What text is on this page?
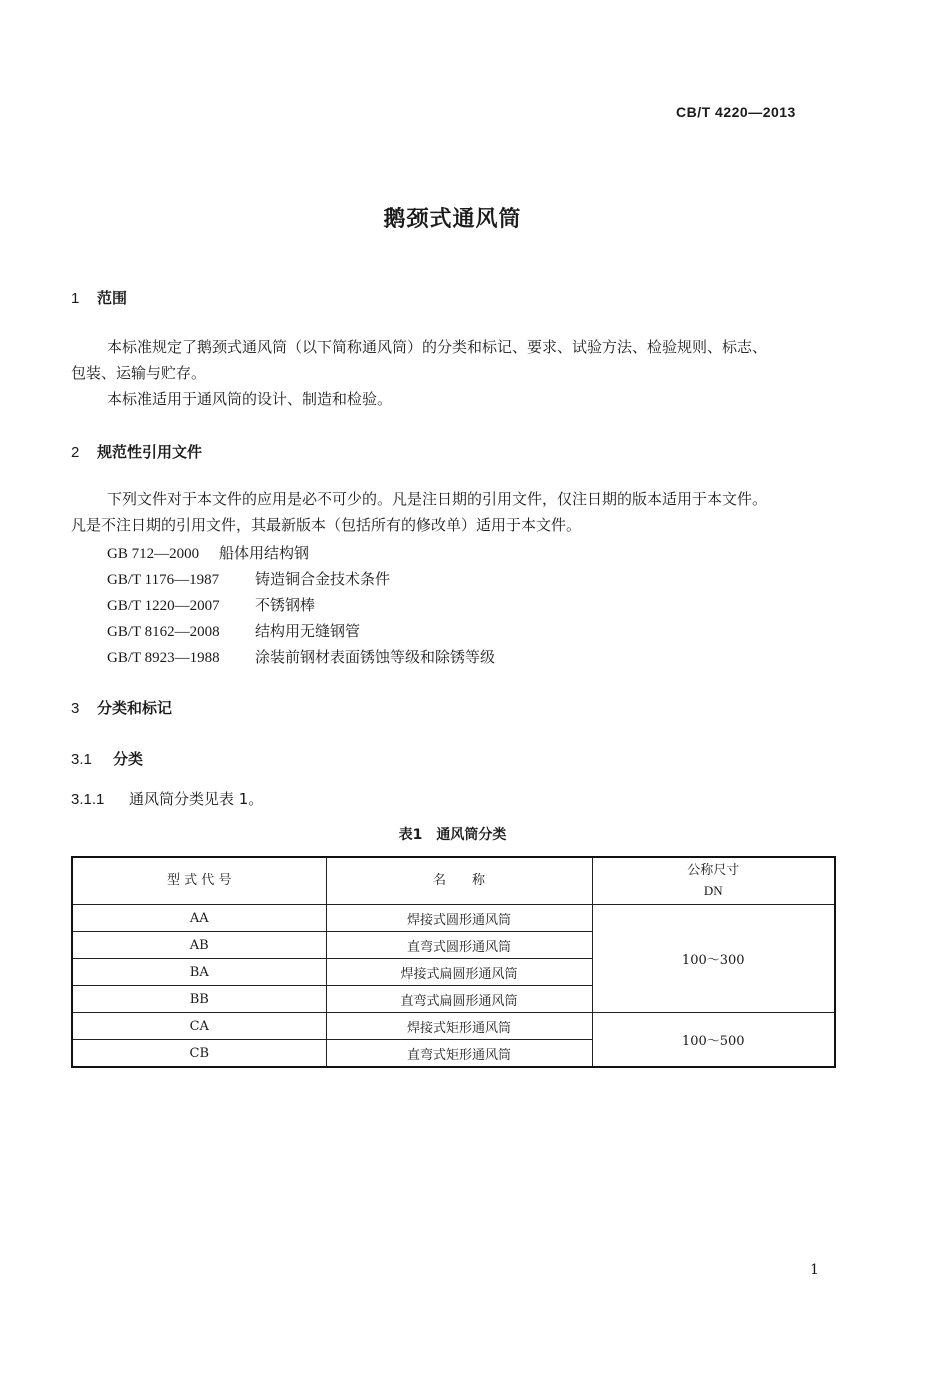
CB/T 4220—2013
鹅颈式通风筒
1 范围
本标准规定了鹅颈式通风筒（以下简称通风筒）的分类和标记、要求、试验方法、检验规则、标志、
包装、运输与贮存。
本标准适用于通风筒的设计、制造和检验。
2 规范性引用文件
下列文件对于本文件的应用是必不可少的。凡是注日期的引用文件，仅注日期的版本适用于本文件。
凡是不注日期的引用文件，其最新版本（包括所有的修改单）适用于本文件。
GB 712—2000 船体用结构钢
GB/T 1176—1987 铸造铜合金技术条件
GB/T 1220—2007 不锈钢棒
GB/T 8162—2008 结构用无缝钢管
GB/T 8923—1988 涂装前钢材表面锈蚀等级和除锈等级
3 分类和标记
3.1 分类
3.1.1 通风筒分类见表 1。
表1　通风筒分类
型 式 代 号	名　　称	公称尺寸
DN

AA	焊接式圆形通风筒	100～300
AB	直弯式圆形通风筒	
BA	焊接式扁圆形通风筒	
BB	直弯式扁圆形通风筒	
CA	焊接式矩形通风筒	100～500
CB	直弯式矩形通风筒	
1
